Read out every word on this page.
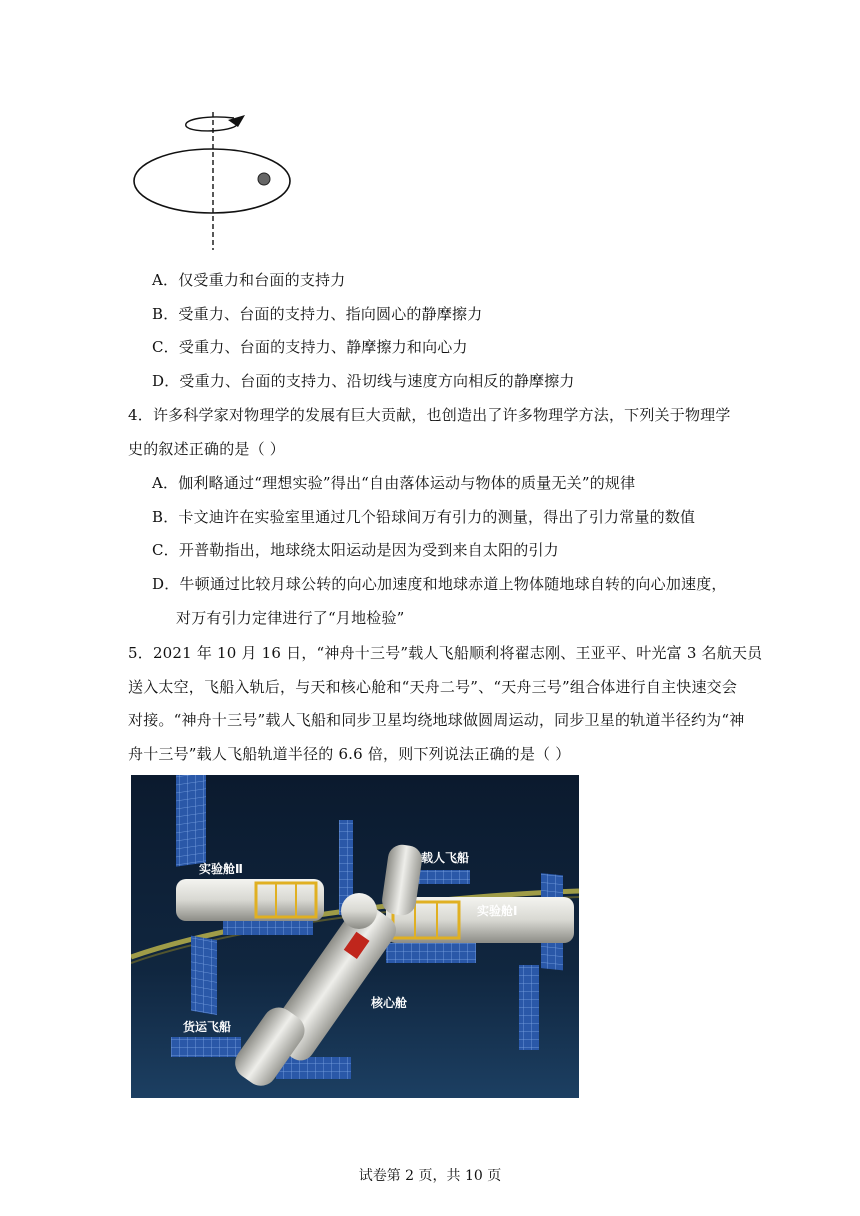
A．仅受重力和台面的支持力
B．受重力、台面的支持力、指向圆心的静摩擦力
C．受重力、台面的支持力、静摩擦力和向心力
D．受重力、台面的支持力、沿切线与速度方向相反的静摩擦力
4．许多科学家对物理学的发展有巨大贡献，也创造出了许多物理学方法，下列关于物理学
史的叙述正确的是（ ）
A．伽利略通过“理想实验”得出“自由落体运动与物体的质量无关”的规律
B．卡文迪许在实验室里通过几个铅球间万有引力的测量，得出了引力常量的数值
C．开普勒指出，地球绕太阳运动是因为受到来自太阳的引力
D．牛顿通过比较月球公转的向心加速度和地球赤道上物体随地球自转的向心加速度，
对万有引力定律进行了“月地检验”
5．2021 年 10 月 16 日，“神舟十三号”载人飞船顺利将翟志刚、王亚平、叶光富 3 名航天员
送入太空，飞船入轨后，与天和核心舱和“天舟二号”、“天舟三号”组合体进行自主快速交会
对接。“神舟十三号”载人飞船和同步卫星均绕地球做圆周运动，同步卫星的轨道半径约为“神
舟十三号”载人飞船轨道半径的 6.6 倍，则下列说法正确的是（ ）
实验舱Ⅱ
载人飞船
实验舱Ⅰ
核心舱
货运飞船
试卷第 2 页，共 10 页
